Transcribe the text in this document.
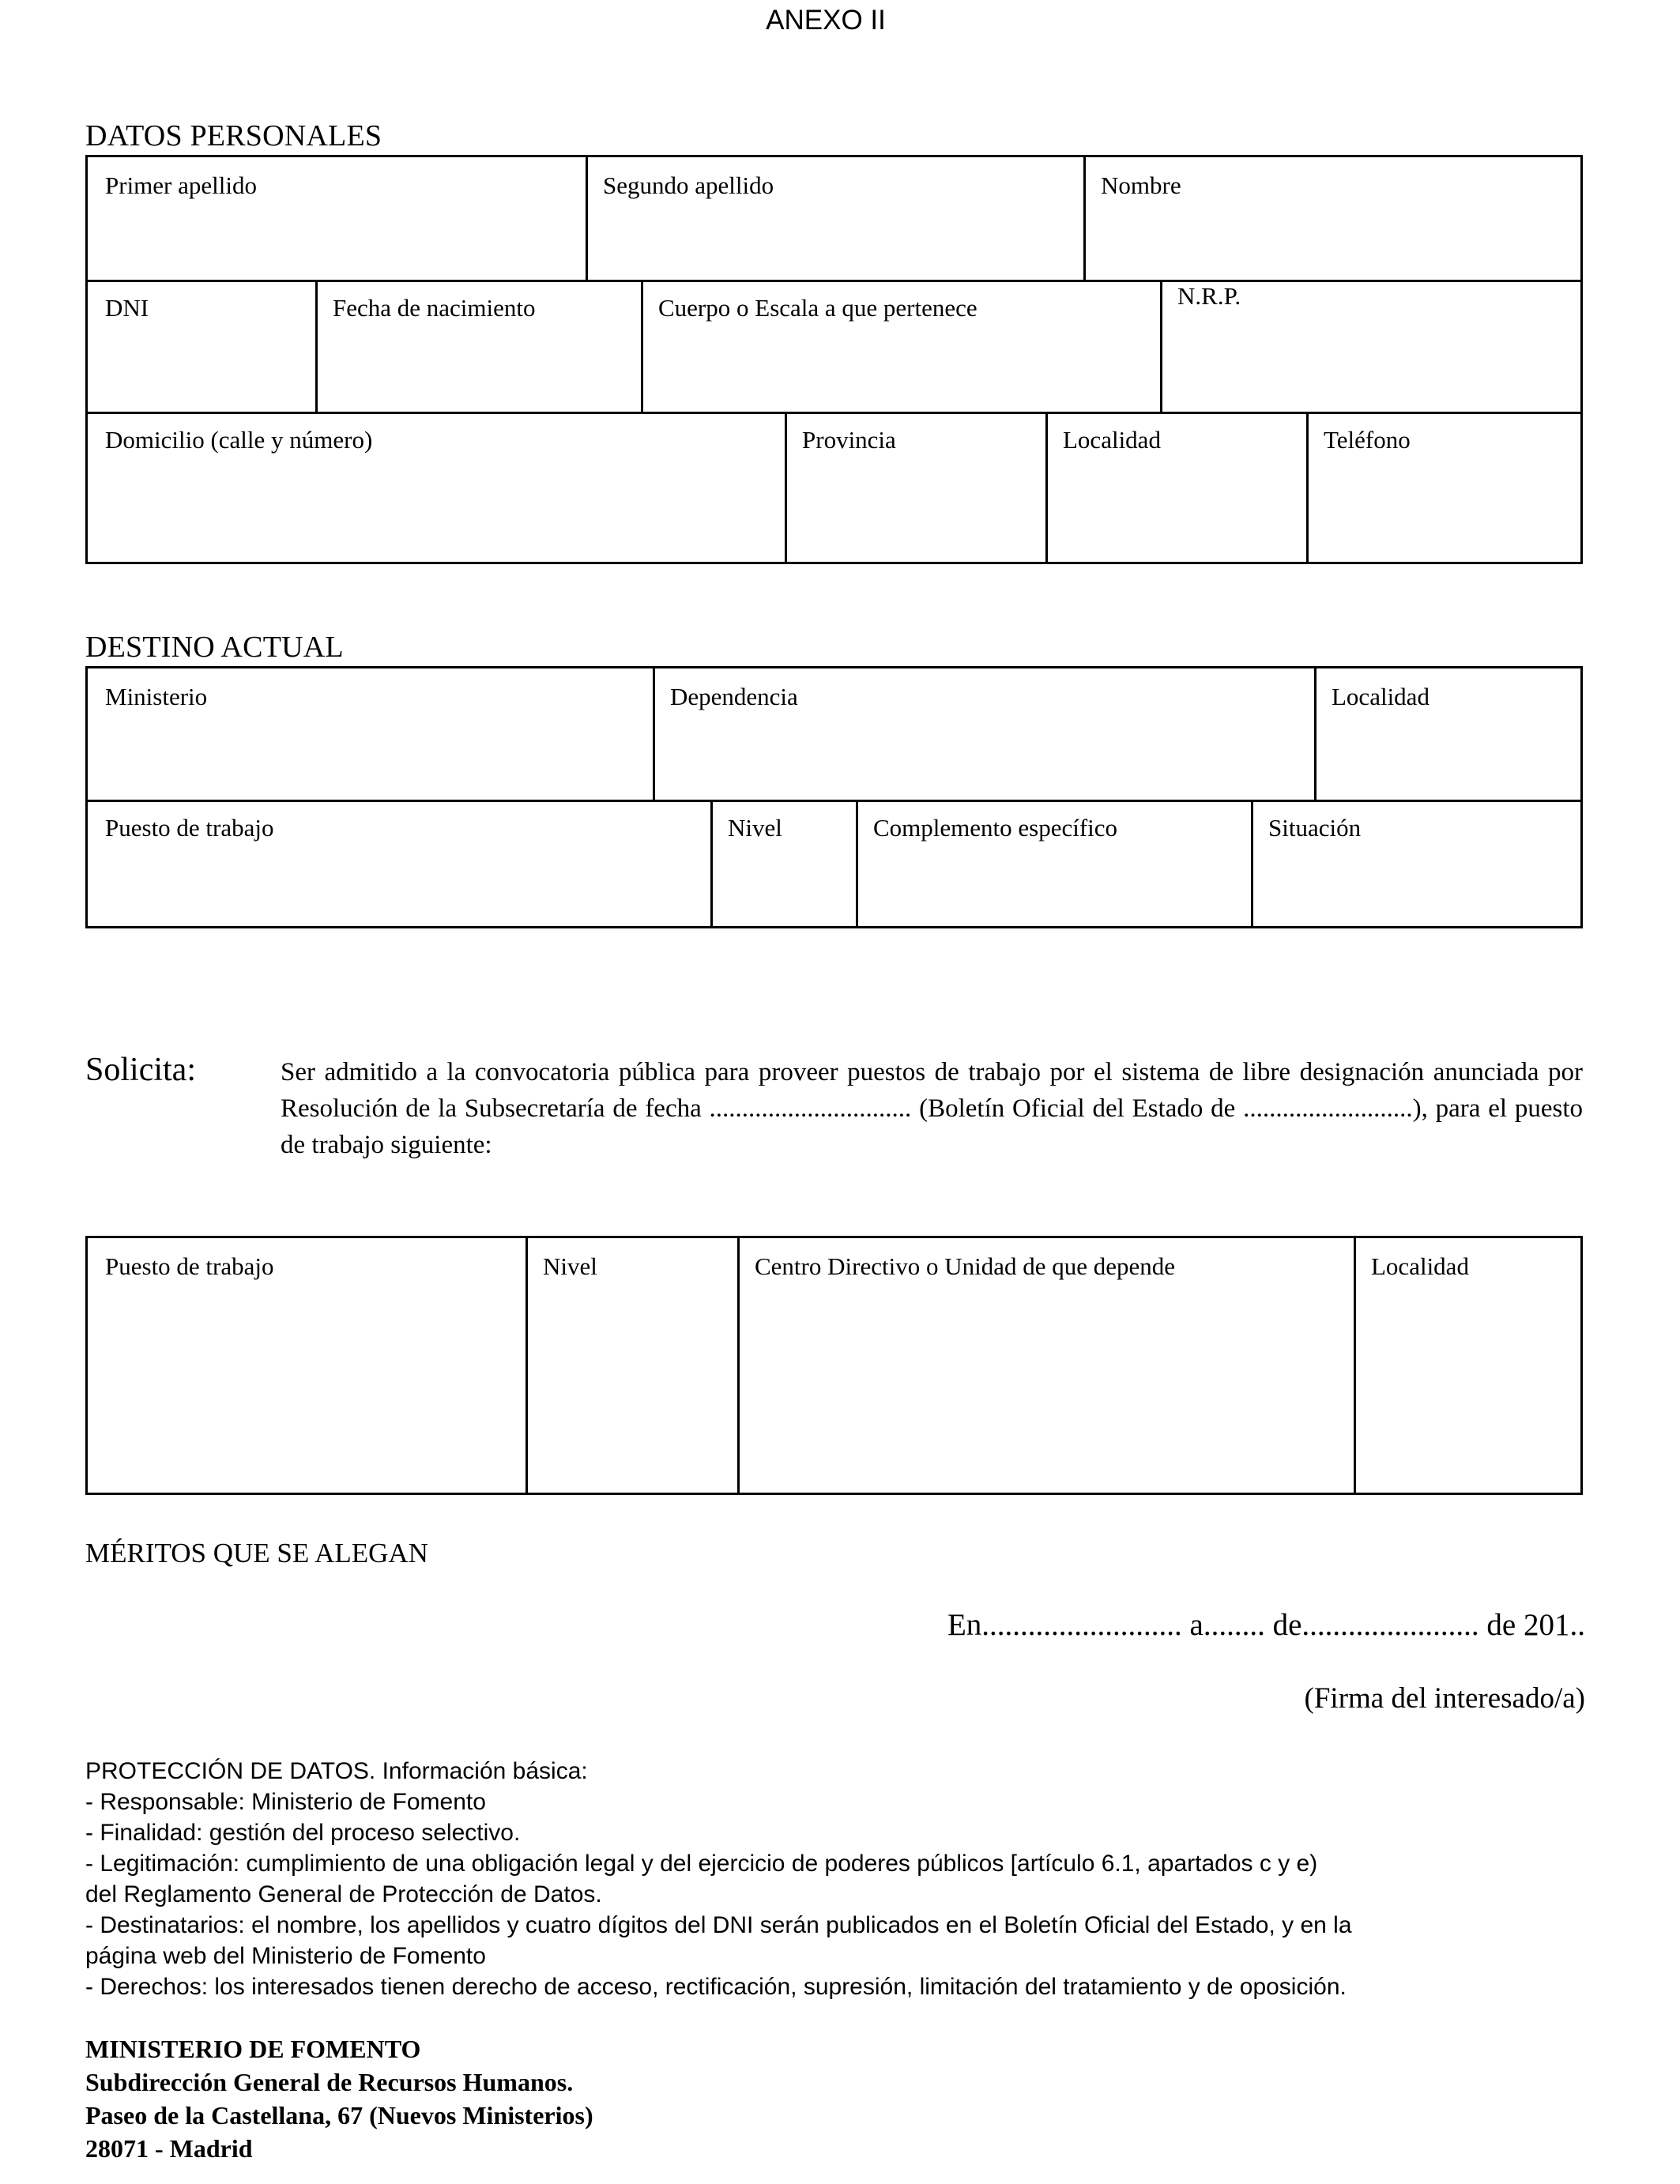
ANEXO II
DATOS PERSONALES
Primer apellido	Segundo apellido	Nombre
DNI	Fecha de nacimiento	Cuerpo o Escala a que pertenece	N.R.P.
Domicilio (calle y número)	Provincia	Localidad	Teléfono
DESTINO ACTUAL
Ministerio	Dependencia	Localidad
Puesto de trabajo	Nivel	Complemento específico	Situación
Solicita:	Ser admitido a la convocatoria pública para proveer puestos de trabajo por el sistema de libre designación anunciada por Resolución de la Subsecretaría de fecha ............................... (Boletín Oficial del Estado de ..........................), para el puesto de trabajo siguiente:
Puesto de trabajo	Nivel	Centro Directivo o Unidad de que depende	Localidad
MÉRITOS QUE SE ALEGAN
En.......................... a........ de....................... de 201..
(Firma del interesado/a)
PROTECCIÓN DE DATOS. Información básica:
- Responsable: Ministerio de Fomento
- Finalidad: gestión del proceso selectivo.
- Legitimación: cumplimiento de una obligación legal y del ejercicio de poderes públicos [artículo 6.1, apartados c y e)
del Reglamento General de Protección de Datos.
- Destinatarios: el nombre, los apellidos y cuatro dígitos del DNI serán publicados en el Boletín Oficial del Estado, y en la
página web del Ministerio de Fomento
- Derechos: los interesados tienen derecho de acceso, rectificación, supresión, limitación del tratamiento y de oposición.
MINISTERIO DE FOMENTO
Subdirección General de Recursos Humanos.
Paseo de la Castellana, 67 (Nuevos Ministerios)
28071 - Madrid
